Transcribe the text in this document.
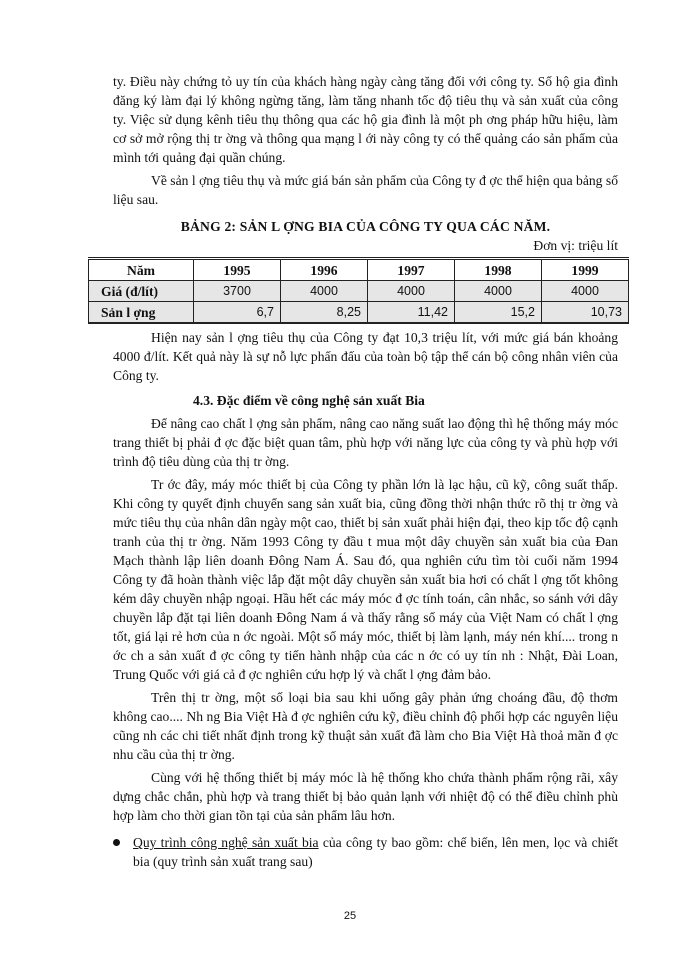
ty. Điều này chứng tỏ uy tín của khách hàng ngày càng tăng đối với công ty. Số hộ gia đình đăng ký làm đại lý không ngừng tăng, làm tăng nhanh tốc độ tiêu thụ và sản xuất của công ty. Việc sử dụng kênh tiêu thụ thông qua các hộ gia đình là một ph ơng pháp hữu hiệu, làm cơ sở mở rộng thị tr ờng và thông qua mạng l ới này công ty có thể quảng cáo sản phẩm của mình tới quảng đại quần chúng.

Về sản l ợng tiêu thụ và mức giá bán sản phẩm của Công ty đ ợc thể hiện qua bảng số liệu sau.

BẢNG 2: SẢN L ỢNG BIA CỦA CÔNG TY QUA CÁC NĂM.
Đơn vị: triệu lít
Năm	1995	1996	1997	1998	1999
Giá (đ/lít)	3700	4000	4000	4000	4000
Sản l ợng	6,7	8,25	11,42	15,2	10,73

Hiện nay sản l ợng tiêu thụ của Công ty đạt 10,3 triệu lít, với mức giá bán khoảng 4000 đ/lít. Kết quả này là sự nỗ lực phấn đấu của toàn bộ tập thể cán bộ công nhân viên của Công ty.

4.3. Đặc điểm về công nghệ sản xuất Bia

Để nâng cao chất l ợng sản phẩm, nâng cao năng suất lao động thì hệ thống máy móc trang thiết bị phải đ ợc đặc biệt quan tâm, phù hợp với năng lực của công ty và phù hợp với trình độ tiêu dùng của thị tr ờng.

Tr ớc đây, máy móc thiết bị của Công ty phần lớn là lạc hậu, cũ kỹ, công suất thấp. Khi công ty quyết định chuyển sang sản xuất bia, cũng đồng thời nhận thức rõ thị tr ờng và mức tiêu thụ của nhân dân ngày một cao, thiết bị sản xuất phải hiện đại, theo kịp tốc độ cạnh tranh của thị tr ờng. Năm 1993 Công ty đầu t mua một dây chuyền sản xuất bia của Đan Mạch thành lập liên doanh Đông Nam Á. Sau đó, qua nghiên cứu tìm tòi cuối năm 1994 Công ty đã hoàn thành việc lắp đặt một dây chuyền sản xuất bia hơi có chất l ợng tốt không kém dây chuyền nhập ngoại. Hầu hết các máy móc đ ợc tính toán, cân nhắc, so sánh với dây chuyền lắp đặt tại liên doanh Đông Nam á và thấy rằng số máy của Việt Nam có chất l ợng tốt, giá lại rẻ hơn của n ớc ngoài. Một số máy móc, thiết bị làm lạnh, máy nén khí.... trong n ớc ch a sản xuất đ ợc công ty tiến hành nhập của các n ớc có uy tín nh : Nhật, Đài Loan, Trung Quốc với giá cả đ ợc nghiên cứu hợp lý và chất l ợng đảm bảo.

Trên thị tr ờng, một số loại bia sau khi uống gây phản ứng choáng đầu, độ thơm không cao.... Nh ng Bia Việt Hà đ ợc nghiên cứu kỹ, điều chỉnh độ phối hợp các nguyên liệu cũng nh các chi tiết nhất định trong kỹ thuật sản xuất đã làm cho Bia Việt Hà thoả mãn đ ợc nhu cầu của thị tr ờng.

Cùng với hệ thống thiết bị máy móc là hệ thống kho chứa thành phẩm rộng rãi, xây dựng chắc chắn, phù hợp và trang thiết bị bảo quản lạnh với nhiệt độ có thể điều chỉnh phù hợp làm cho thời gian tồn tại của sản phẩm lâu hơn.

Quy trình công nghệ sản xuất bia của công ty bao gồm: chế biến, lên men, lọc và chiết bia (quy trình sản xuất trang sau)

25
